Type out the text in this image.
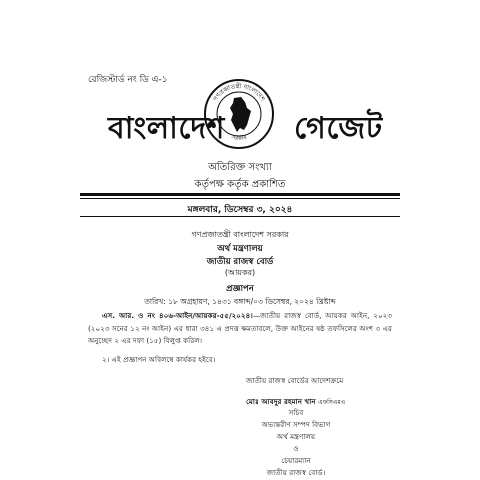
রেজিস্টার্ড নং ডি এ-১
বাংলাদেশ
গণপ্রজাতন্ত্রী বাংলাদেশ
সরকার গেজেট
অতিরিক্ত সংখ্যা
কর্তৃপক্ষ কর্তৃক প্রকাশিত
মঙ্গলবার, ডিসেম্বর ৩, ২০২৪
গণপ্রজাতন্ত্রী বাংলাদেশ সরকার
অর্থ মন্ত্রণালয়
জাতীয় রাজস্ব বোর্ড
(আয়কর)
প্রজ্ঞাপন
তারিখ: ১৮ অগ্রহায়ণ, ১৪৩১ বঙ্গাব্দ/০৩ ডিসেম্বর, ২০২৪ খ্রিষ্টাব্দ
এস. আর. ও নং ৪০৬-আইন/আয়কর-৫৫/২০২৪।—জাতীয় রাজস্ব বোর্ড, আয়কর আইন, ২০২৩ (২০২৩ সনের ১২ নং আইন) এর ধারা ৩৪১ এ প্রদত্ত ক্ষমতাবলে, উক্ত আইনের ষষ্ঠ তফসিলের অংশ ৩ এর অনুচ্ছেদ ২ এর দফা (১৫) বিলুপ্ত করিল।
২। এই প্রজ্ঞাপন অবিলম্বে কার্যকর হইবে।
জাতীয় রাজস্ব বোর্ডের আদেশক্রমে
মোঃ আবদুর রহমান খান এফসিএমএ
সচিব
অভ্যন্তরীণ সম্পদ বিভাগ
অর্থ মন্ত্রণালয়
ও
চেয়ারম্যান
জাতীয় রাজস্ব বোর্ড।
